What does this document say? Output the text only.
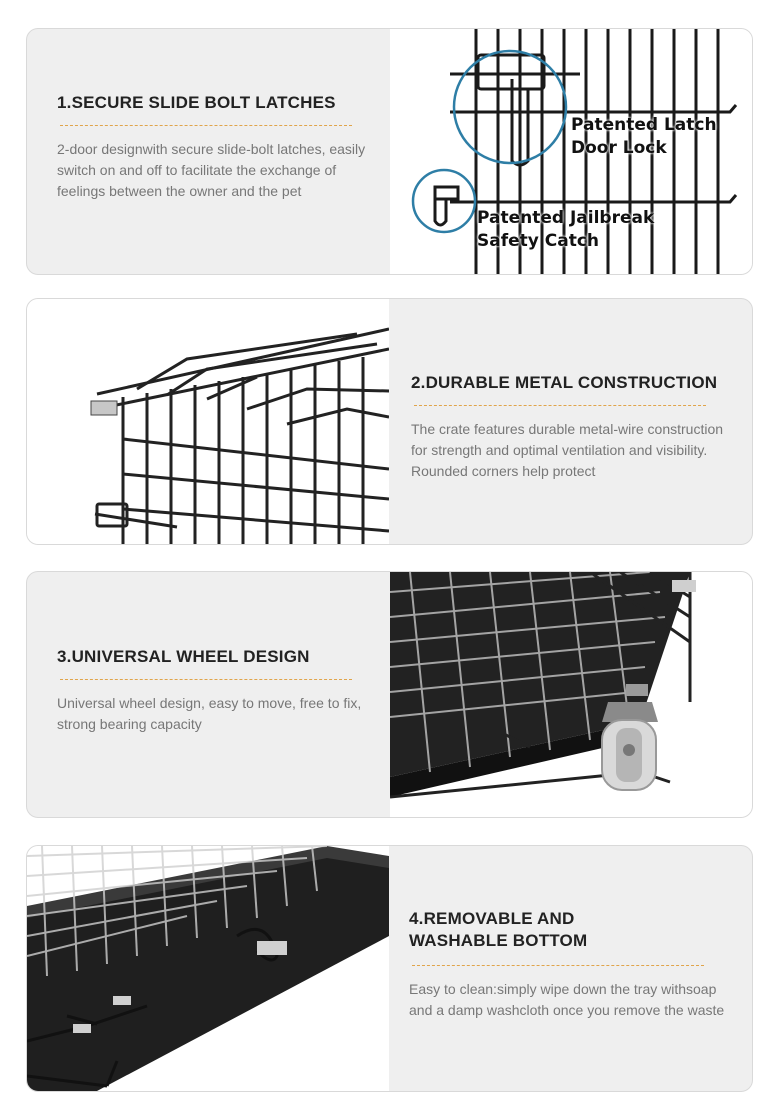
1.SECURE SLIDE BOLT LATCHES

2-door designwith secure slide-bolt latches, easily switch on and off to facilitate the exchange of feelings between the owner and the pet

Patented Latch
Door Lock
Patented Jailbreak
Safety Catch
2.DURABLE METAL CONSTRUCTION

The crate features durable metal-wire construction for strength and optimal ventilation and visibility. Rounded corners help protect

3.UNIVERSAL WHEEL DESIGN

Universal wheel design, easy to move, free to fix, strong bearing capacity

4.REMOVABLE AND
WASHABLE BOTTOM

Easy to clean:simply wipe down the tray withsoap and a damp washcloth once you remove the waste
